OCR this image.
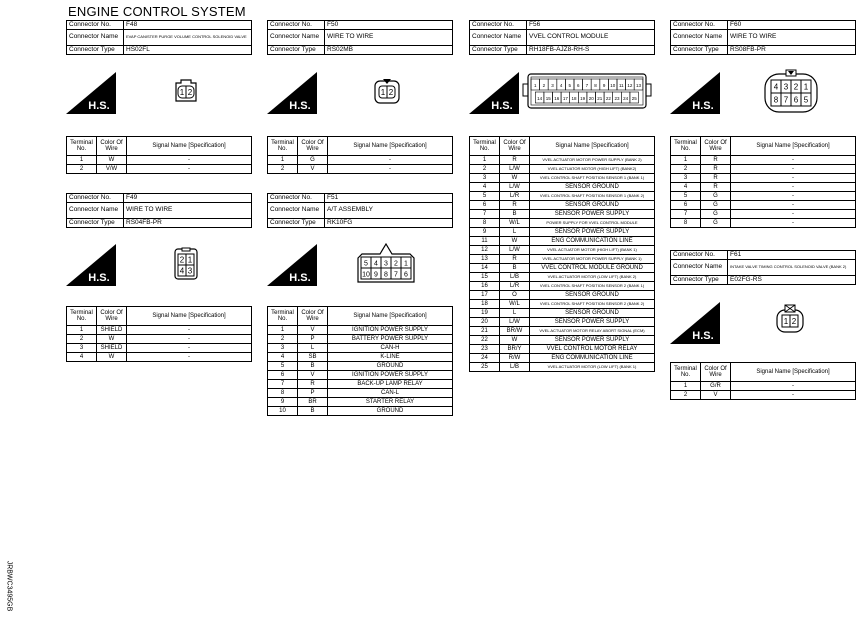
ENGINE CONTROL SYSTEM
Connector No.	F48
Connector Name	EVAP CANISTER PURGE VOLUME CONTROL SOLENOID VALVE
Connector Type	HS02FL
H.S.
1 2
Terminal No.	Color Of Wire	Signal Name [Specification]
1	W	-
2	V/W	-
Connector No.	F49
Connector Name	WIRE TO WIRE
Connector Type	RS04FB-PR
H.S.
2 1
4 3
Terminal No.	Color Of Wire	Signal Name [Specification]
1	SHIELD	-
2	W	-
3	SHIELD	-
4	W	-
Connector No.	F50
Connector Name	WIRE TO WIRE
Connector Type	RS02MB
H.S.
1 2
Terminal No.	Color Of Wire	Signal Name [Specification]
1	G	-
2	V	-
Connector No.	F51
Connector Name	A/T ASSEMBLY
Connector Type	RK10FG
H.S.
5 4 3 2 1
10 9 8 7 6
Terminal No.	Color Of Wire	Signal Name [Specification]
1	V	IGNITION POWER SUPPLY
2	P	BATTERY POWER SUPPLY
3	L	CAN-H
4	SB	K-LINE
5	B	GROUND
6	V	IGNITION POWER SUPPLY
7	R	BACK-UP LAMP RELAY
8	P	CAN-L
9	BR	STARTER RELAY
10	B	GROUND
Connector No.	F56
Connector Name	VVEL CONTROL MODULE
Connector Type	RH18FB-AJZ8-RH-S
H.S.
1 2 3 4 5 6 7 8 9 10 11 12 13
14 15 16 17 18 19 20 21 22 23 24 25
Terminal No.	Color Of Wire	Signal Name [Specification]
1	R	VVEL ACTUATOR MOTOR POWER SUPPLY (BANK 2)
2	L/W	VVEL ACTUATOR MOTOR (HIGH LIFT) (BANK2)
3	W	VVEL CONTROL SHAFT POSITION SENSOR 1 (BANK 1)
4	L/W	SENSOR GROUND
5	L/R	VVEL CONTROL SHAFT POSITION SENSOR 1 (BANK 2)
6	R	SENSOR GROUND
7	B	SENSOR POWER SUPPLY
8	W/L	POWER SUPPLY FOR VVEL CONTROL MODULE
9	L	SENSOR POWER SUPPLY
11	W	ENG COMMUNICATION LINE
12	L/W	VVEL ACTUATOR MOTOR (HIGH LIFT) (BANK 1)
13	R	VVEL ACTUATOR MOTOR POWER SUPPLY (BANK 1)
14	B	VVEL CONTROL MODULE GROUND
15	L/B	VVEL ACTUATOR MOTOR (LOW LIFT) (BANK 2)
16	L/R	VVEL CONTROL SHAFT POSITION SENSOR 2 (BANK 1)
17	O	SENSOR GROUND
18	W/L	VVEL CONTROL SHAFT POSITION SENSOR 2 (BANK 2)
19	L	SENSOR GROUND
20	L/W	SENSOR POWER SUPPLY
21	BR/W	VVEL ACTUATOR MOTOR RELAY ABORT SIGNAL (ECM)
22	W	SENSOR POWER SUPPLY
23	BR/Y	VVEL CONTROL MOTOR RELAY
24	R/W	ENG COMMUNICATION LINE
25	L/B	VVEL ACTUATOR MOTOR (LOW LIFT) (BANK 1)
Connector No.	F60
Connector Name	WIRE TO WIRE
Connector Type	RS08FB-PR
H.S.
4 3 2 1
8 7 6 5
Terminal No.	Color Of Wire	Signal Name [Specification]
1	R	-
2	R	-
3	R	-
4	R	-
5	G	-
6	G	-
7	G	-
8	G	-
Connector No.	F61
Connector Name	INTAKE VALVE TIMING CONTROL SOLENOID VALVE (BANK 2)
Connector Type	E02FG-RS
H.S.
1 2
Terminal No.	Color Of Wire	Signal Name [Specification]
1	G/R	-
2	V	-
JRBWC3495GB
